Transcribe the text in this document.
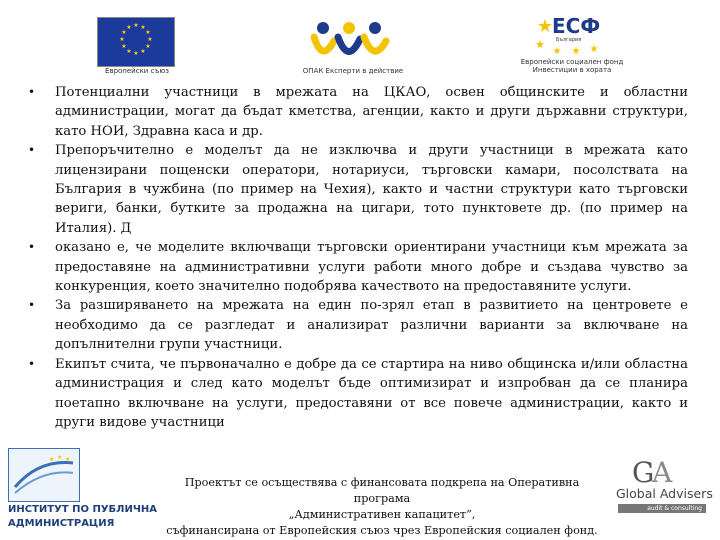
★ ★
★
★
★
★
★
★
★
★
★
★
Европейски съюз	ОПАК Експерти в действие
★
★
★ ★ ★
ЕСФ
България
Европейски социален фонд
Инвестиции в хората
• Потенциални участници в мрежата на ЦКАО, освен общинските и областни администрации, могат да бъдат кметства, агенции, както и други държавни структури, като НОИ, Здравна каса и др.
• Препоръчително е моделът да не изключва и други участници в мрежата като лицензирани пощенски оператори, нотариуси, търговски камари, посолствата на България в чужбина (по пример на Чехия), както и частни структури като търговски вериги, банки, бутките за продажна на цигари, тото пунктовете др. (по пример на Италия). Д
• оказано е, че моделите включващи търговски ориентирани участници към мрежата за предоставяне на административни услуги работи много добре и създава чувство за конкуренция, което значително подобрява качеството на предоставяните услуги.
• За разширяването на мрежата на един по-зрял етап в развитието на центровете е необходимо да се разгледат и анализират различни варианти за включване на допълнителни групи участници.
• Екипът счита, че първоначално е добре да се стартира на ниво общинска и/или областна администрация и след като моделът бъде оптимизират и изпробван да се планира поетапно включване на услуги, предоставяни от все повече администрации, както и други видове участници
★ ★ ★
ИНСТИТУТ ПО ПУБЛИЧНА
АДМИНИСТРАЦИЯ
Проектът се осъществява с финансовата подкрепа на Оперативна програма
„Административен капацитет”,
съфинансирана от Европейския съюз чрез Европейския социален фонд.
G
A
Global Advisers
audit & consulting
